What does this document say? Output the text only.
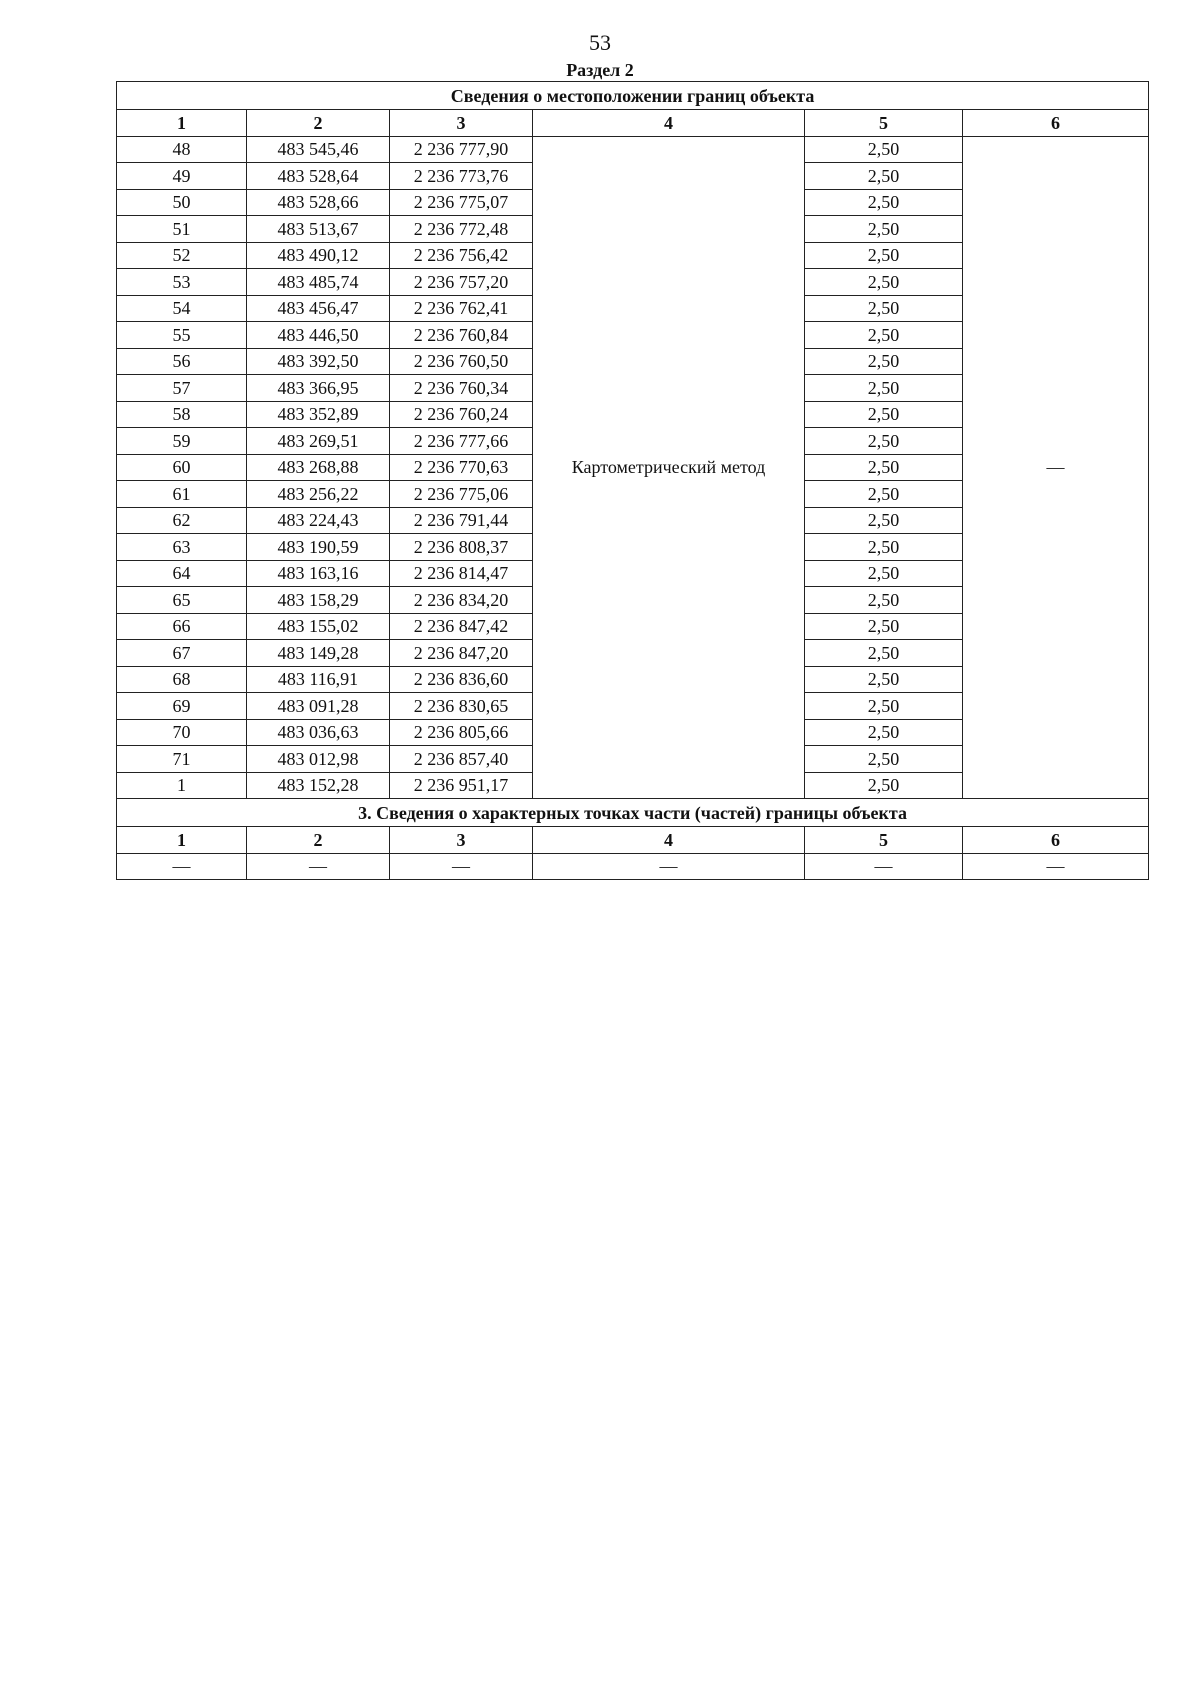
53
Раздел 2
Сведения о местоположении границ объекта					
1	2	3	4	5	6
48	483 545,46	2 236 777,90	Картометрический метод	2,50	—
49	483 528,64	2 236 773,76		2,50	
50	483 528,66	2 236 775,07		2,50	
51	483 513,67	2 236 772,48		2,50	
52	483 490,12	2 236 756,42		2,50	
53	483 485,74	2 236 757,20		2,50	
54	483 456,47	2 236 762,41		2,50	
55	483 446,50	2 236 760,84		2,50	
56	483 392,50	2 236 760,50		2,50	
57	483 366,95	2 236 760,34		2,50	
58	483 352,89	2 236 760,24		2,50	
59	483 269,51	2 236 777,66		2,50	
60	483 268,88	2 236 770,63		2,50	
61	483 256,22	2 236 775,06		2,50	
62	483 224,43	2 236 791,44		2,50	
63	483 190,59	2 236 808,37		2,50	
64	483 163,16	2 236 814,47		2,50	
65	483 158,29	2 236 834,20		2,50	
66	483 155,02	2 236 847,42		2,50	
67	483 149,28	2 236 847,20		2,50	
68	483 116,91	2 236 836,60		2,50	
69	483 091,28	2 236 830,65		2,50	
70	483 036,63	2 236 805,66		2,50	
71	483 012,98	2 236 857,40		2,50	
1	483 152,28	2 236 951,17		2,50	
3. Сведения о характерных точках части (частей) границы объекта					
1	2	3	4	5	6
—	—	—	—	—	—
